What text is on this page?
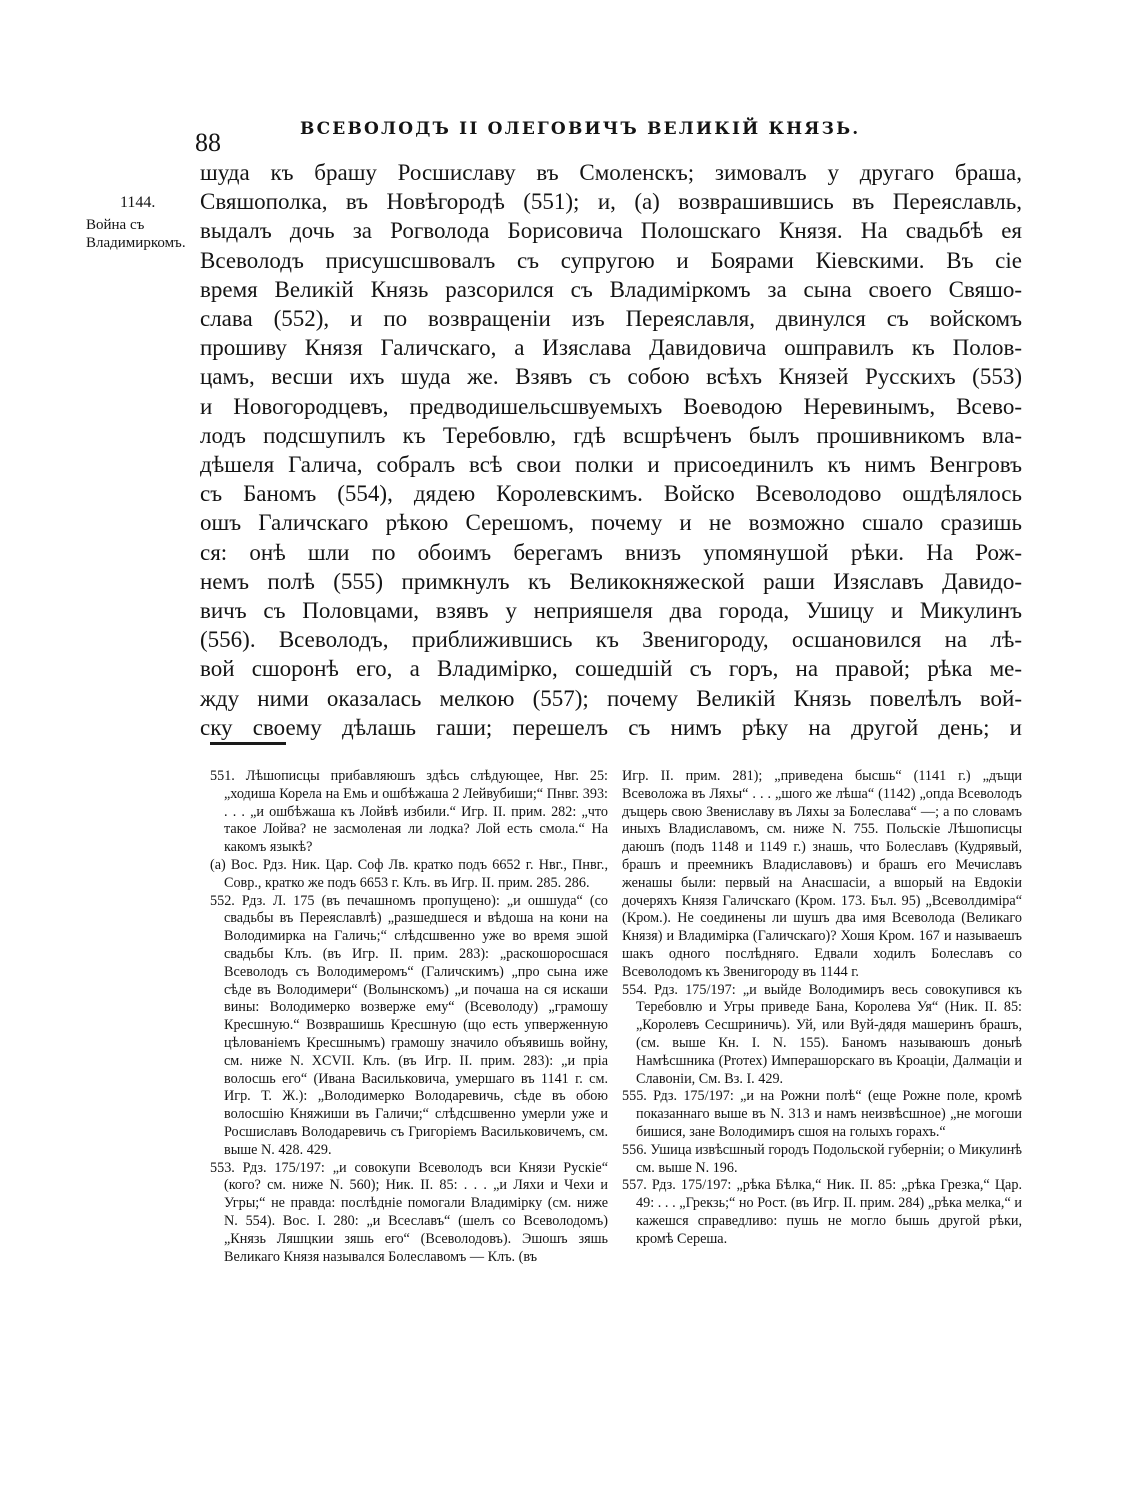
88	ВСЕВОЛОДЪ II ОЛЕГОВИЧЪ ВЕЛИКІЙ КНЯЗЬ.
1144.
Война съ Владимиркомъ.
шуда къ брашу Росшиславу въ Смоленскъ; зимовалъ у другаго браша,
Свяшополка, въ Новѣгородѣ (551); и, (а) возврашившись въ Переяславль,
выдалъ дочь за Рогволода Борисовича Полошскаго Князя. На свадьбѣ ея
Всеволодъ присушсшвовалъ съ супругою и Боярами Кіевскими. Въ сіе
время Великій Князь разсорился съ Владиміркомъ за сына своего Свяшо-
слава (552), и по возвращеніи изъ Переяславля, двинулся съ войскомъ
прошиву Князя Галичскаго, а Изяслава Давидовича ошправилъ къ Полов-
цамъ, весши ихъ шуда же. Взявъ съ собою всѣхъ Князей Русскихъ (553)
и Новогородцевъ, предводишельсшвуемыхъ Воеводою Неревинымъ, Всево-
лодъ подсшупилъ къ Теребовлю, гдѣ всшрѣченъ былъ прошивникомъ вла-
дѣшеля Галича, собралъ всѣ свои полки и присоединилъ къ нимъ Венгровъ
съ Баномъ (554), дядею Королевскимъ. Войско Всеволодово ошдѣлялось
ошъ Галичскаго рѣкою Серешомъ, почему и не возможно сшало сразишь
ся: онѣ шли по обоимъ берегамъ внизъ упомянушой рѣки. На Рож-
немъ полѣ (555) примкнулъ къ Великокняжеской раши Изяславъ Давидо-
вичъ съ Половцами, взявъ у неприяшеля два города, Ушицу и Микулинъ
(556). Всеволодъ, приближившись къ Звенигороду, осшановился на лѣ-
вой сшоронѣ его, а Владимірко, сошедшій съ горъ, на правой; рѣка ме-
жду ними оказалась мелкою (557); почему Великій Князь повелѣлъ вой-
ску своему дѣлашь гаши; перешелъ съ нимъ рѣку на другой день; и

551. Лѣшописцы прибавляюшъ здѣсь слѣдующее, Нвг. 25: „ходиша Корела на Емь и ошбѣжаша 2 Лейвубиши;“ Пнвг. 393: . . . „и ошбѣжаша къ Лойвѣ избили.“ Игр. II. прим. 282: „что такое Лойва? не засмоленая ли лодка? Лой есть смола.“ На какомъ языкѣ?

(а) Вос. Рдз. Ник. Цар. Соф Лв. кратко подъ 6652 г. Нвг., Пнвг., Совр., кратко же подъ 6653 г. Клъ. въ Игр. II. прим. 285. 286.

552. Рдз. Л. 175 (въ печашномъ пропущено): „и ошшуда“ (со свадьбы въ Переяславлѣ) „разшедшеся и вѣдоша на кони на Володимирка на Галичь;“ слѣдсшвенно уже во время эшой свадьбы Клъ. (въ Игр. II. прим. 283): „раскошоросшася Всеволодъ съ Володимеромъ“ (Галичскимъ) „про сына иже сѣде въ Володимери“ (Волынскомъ) „и почаша на ся искаши вины: Володимерко возверже ему“ (Всеволоду) „грамошу Кресшную.“ Возврашишь Кресшную (що есть упверженную цѣлованіемъ Кресшнымъ) грамошу значило объявишь войну, см. ниже N. XCVII. Клъ. (въ Игр. II. прим. 283): „и пріа волосшь его“ (Ивана Васильковича, умершаго въ 1141 г. см. Игр. Т. Ж.): „Володимерко Володаревичь, сѣде въ обою волосшію Княжиши въ Галичи;“ слѣдсшвенно умерли уже и Росшиславъ Володаревичь съ Григоріемъ Васильковичемъ, см. выше N. 428. 429.

553. Рдз. 175/197: „и совокупи Всеволодъ вси Князи Рускіе“ (кого? см. ниже N. 560); Ник. II. 85: . . . „и Ляхи и Чехи и Угры;“ не правда: послѣдніе помогали Владимірку (см. ниже N. 554). Вос. I. 280: „и Всеславъ“ (шелъ со Всеволодомъ) „Князь Ляшцкии зяшь его“ (Всеволодовъ). Эшошъ зяшь Великаго Князя назывался Болеславомъ — Клъ. (въ

Игр. II. прим. 281); „приведена бысшь“ (1141 г.) „дъщи Всеволожа въ Ляхы“ . . . „шого же лѣша“ (1142) „опда Всеволодъ дъщерь свою Звениславу въ Ляхы за Болеслава“ —; а по словамъ иныхъ Владиславомъ, см. ниже N. 755. Польскіе Лѣшописцы даюшъ (подъ 1148 и 1149 г.) знашь, что Болеславъ (Кудрявый, брашъ и преемникъ Владиславовъ) и брашъ его Мечиславъ женашы были: первый на Анасшасіи, а вшорый на Евдокіи дочеряхъ Князя Галичскаго (Кром. 173. Бъл. 95) „Всеволдиміра“ (Кром.). Не соединены ли шушъ два имя Всеволода (Великаго Князя) и Владимірка (Галичскаго)? Хошя Кром. 167 и называешъ шакъ одного послѣдняго. Едвали ходилъ Болеславъ со Всеволодомъ къ Звенигороду въ 1144 г.

554. Рдз. 175/197: „и выйде Володимиръ весь совокупився къ Теребовлю и Угры приведе Бана, Королева Уя“ (Ник. II. 85: „Королевъ Сесшриничь). Уй, или Вуй-дядя машеринъ брашъ, (см. выше Кн. I. N. 155). Баномъ называюшъ доныѣ Намѣсшника (Proтех) Имперашорскаго въ Кроаціи, Далмаціи и Славоніи, См. Вз. I. 429.

555. Рдз. 175/197: „и на Рожни полѣ“ (еще Рожне поле, кромѣ показаннаго выше въ N. 313 и намъ неизвѣсшное) „не могоши бишися, зане Володимиръ сшоя на голыхъ горахъ.“

556. Ушица извѣсшный городъ Подольской губерніи; о Микулинѣ см. выше N. 196.

557. Рдз. 175/197: „рѣка Бѣлка,“ Ник. II. 85: „рѣка Грезка,“ Цар. 49: . . . „Грекзь;“ но Рост. (въ Игр. II. прим. 284) „рѣка мелка,“ и кажешся справедливо: пушь не могло бышь другой рѣки, кромѣ Серешa.
